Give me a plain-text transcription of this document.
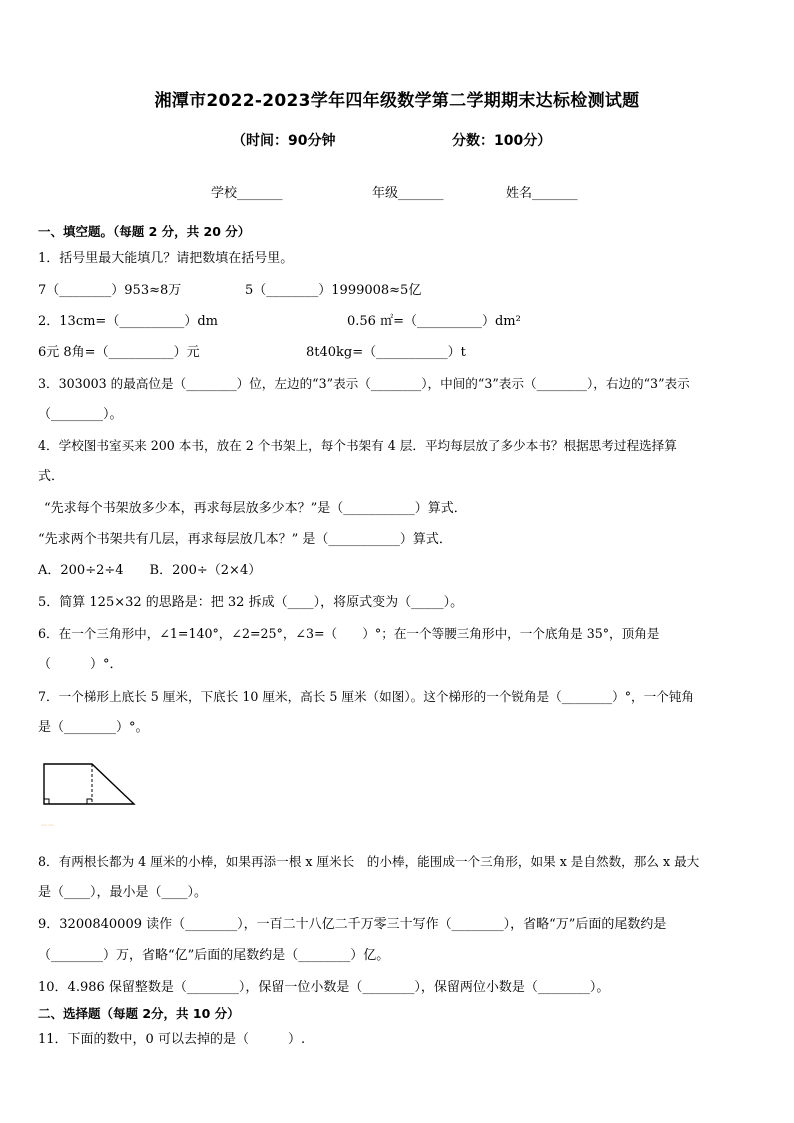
湘潭市2022-2023学年四年级数学第二学期期末达标检测试题
（时间：90分钟	分数：100分）
学校_______	年级_______	姓名_______
一、填空题。（每题 2 分，共 20 分）
1．括号里最大能填几？请把数填在括号里。
7（________）953≈8万	5（________）1999008≈5亿
2．13cm=（__________）dm	0.56 ㎡=（__________）dm²
6元 8角=（__________）元	8t40kg=（___________）t
3．303003 的最高位是（________）位，左边的“3”表示（________），中间的“3”表示（________），右边的“3”表示
（________）。
4．学校图书室买来 200 本书，放在 2 个书架上，每个书架有 4 层．平均每层放了多少本书？根据思考过程选择算
式．
“先求每个书架放多少本，再求每层放多少本？”是（___________）算式．
“先求两个书架共有几层，再求每层放几本？” 是（___________）算式．
A．200÷2÷4　　B．200÷（2×4）
5．简算 125×32 的思路是：把 32 拆成（____），将原式变为（_____）。
6．在一个三角形中，∠1=140°，∠2=25°，∠3=（　　）°；在一个等腰三角形中，一个底角是 35°，顶角是
（　　　）°．
7．一个梯形上底长 5 厘米，下底长 10 厘米，高长 5 厘米（如图）。这个梯形的一个锐角是（________）°，一个钝角
是（________）°。
~~
8．有两根长都为 4 厘米的小棒，如果再添一根 x 厘米长　的小棒，能围成一个三角形，如果 x 是自然数，那么 x 最大
是（____），最小是（____）。
9．3200840009 读作（________），一百二十八亿二千万零三十写作（________），省略“万”后面的尾数约是
（________）万，省略“亿”后面的尾数约是（________）亿。
10．4.986 保留整数是（________），保留一位小数是（________），保留两位小数是（________）。
二、选择题（每题 2分，共 10 分）
11．下面的数中，0 可以去掉的是（　　　）.
